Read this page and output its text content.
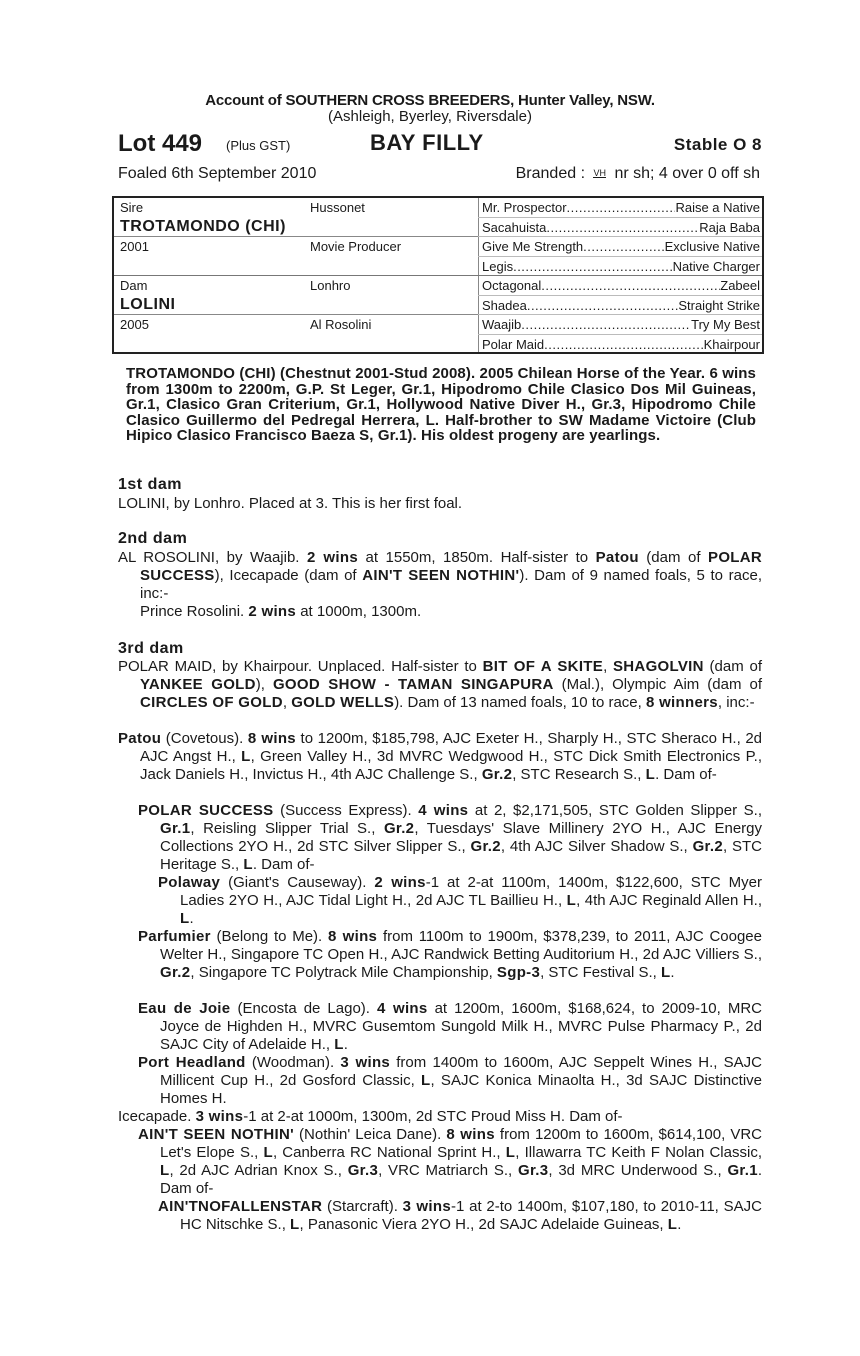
Account of SOUTHERN CROSS BREEDERS, Hunter Valley, NSW.
(Ashleigh, Byerley, Riversdale)
Lot 449 (Plus GST)	BAY FILLY	Stable O 8
Foaled 6th September 2010	Branded : VH nr sh; 4 over 0 off sh
Sire	Hussonet	Mr. Prospector .....	Raise a Native
TROTAMONDO (CHI)	Sacahuista .....	Raja Baba
2001	Movie Producer	Give Me Strength .....	Exclusive Native
Legis .....	Native Charger
Dam	Lonhro	Octagonal .....	Zabeel
LOLINI	Shadea .....	Straight Strike
2005	Al Rosolini	Waajib .....	Try My Best
Polar Maid .....	Khairpour
TROTAMONDO (CHI) (Chestnut 2001-Stud 2008). 2005 Chilean Horse of the Year. 6 wins from 1300m to 2200m, G.P. St Leger, Gr.1, Hipodromo Chile Clasico Dos Mil Guineas, Gr.1, Clasico Gran Criterium, Gr.1, Hollywood Native Diver H., Gr.3, Hipodromo Chile Clasico Guillermo del Pedregal Herrera, L. Half-brother to SW Madame Victoire (Club Hipico Clasico Francisco Baeza S, Gr.1). His oldest progeny are yearlings.
1st dam
LOLINI, by Lonhro. Placed at 3. This is her first foal.
2nd dam
AL ROSOLINI, by Waajib. 2 wins at 1550m, 1850m. Half-sister to Patou (dam of POLAR SUCCESS), Icecapade (dam of AIN'T SEEN NOTHIN'). Dam of 9 named foals, 5 to race, inc:-
Prince Rosolini. 2 wins at 1000m, 1300m.
3rd dam
POLAR MAID, by Khairpour. Unplaced. Half-sister to BIT OF A SKITE, SHAGOLVIN (dam of YANKEE GOLD), GOOD SHOW - TAMAN SINGAPURA (Mal.), Olympic Aim (dam of CIRCLES OF GOLD, GOLD WELLS). Dam of 13 named foals, 10 to race, 8 winners, inc:-
Patou (Covetous). 8 wins to 1200m, $185,798, AJC Exeter H., Sharply H., STC Sheraco H., 2d AJC Angst H., L, Green Valley H., 3d MVRC Wedgwood H., STC Dick Smith Electronics P., Jack Daniels H., Invictus H., 4th AJC Challenge S., Gr.2, STC Research S., L. Dam of-
POLAR SUCCESS (Success Express). 4 wins at 2, $2,171,505, STC Golden Slipper S., Gr.1, Reisling Slipper Trial S., Gr.2, Tuesdays' Slave Millinery 2YO H., AJC Energy Collections 2YO H., 2d STC Silver Slipper S., Gr.2, 4th AJC Silver Shadow S., Gr.2, STC Heritage S., L. Dam of-
Polaway (Giant's Causeway). 2 wins-1 at 2-at 1100m, 1400m, $122,600, STC Myer Ladies 2YO H., AJC Tidal Light H., 2d AJC TL Baillieu H., L, 4th AJC Reginald Allen H., L.
Parfumier (Belong to Me). 8 wins from 1100m to 1900m, $378,239, to 2011, AJC Coogee Welter H., Singapore TC Open H., AJC Randwick Betting Auditorium H., 2d AJC Villiers S., Gr.2, Singapore TC Polytrack Mile Championship, Sgp-3, STC Festival S., L.
Eau de Joie (Encosta de Lago). 4 wins at 1200m, 1600m, $168,624, to 2009-10, MRC Joyce de Highden H., MVRC Gusemtom Sungold Milk H., MVRC Pulse Pharmacy P., 2d SAJC City of Adelaide H., L.
Port Headland (Woodman). 3 wins from 1400m to 1600m, AJC Seppelt Wines H., SAJC Millicent Cup H., 2d Gosford Classic, L, SAJC Konica Minaolta H., 3d SAJC Distinctive Homes H.
Icecapade. 3 wins-1 at 2-at 1000m, 1300m, 2d STC Proud Miss H. Dam of-
AIN'T SEEN NOTHIN' (Nothin' Leica Dane). 8 wins from 1200m to 1600m, $614,100, VRC Let's Elope S., L, Canberra RC National Sprint H., L, Illawarra TC Keith F Nolan Classic, L, 2d AJC Adrian Knox S., Gr.3, VRC Matriarch S., Gr.3, 3d MRC Underwood S., Gr.1. Dam of-
AIN'TNOFALLENSTAR (Starcraft). 3 wins-1 at 2-to 1400m, $107,180, to 2010-11, SAJC HC Nitschke S., L, Panasonic Viera 2YO H., 2d SAJC Adelaide Guineas, L.
